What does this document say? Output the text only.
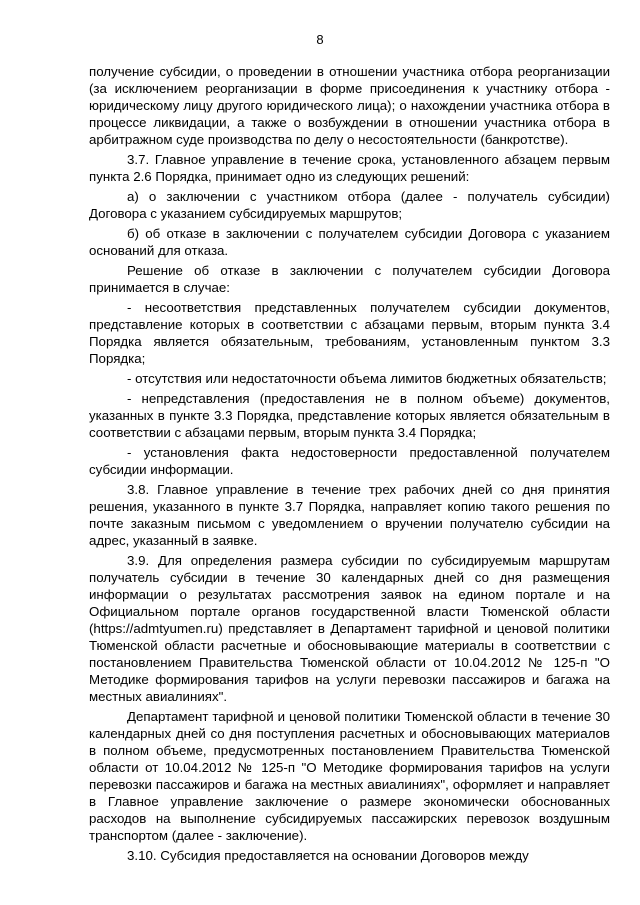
8

получение субсидии, о проведении в отношении участника отбора реорганизации (за исключением реорганизации в форме присоединения к участнику отбора - юридическому лицу другого юридического лица); о нахождении участника отбора в процессе ликвидации, а также о возбуждении в отношении участника отбора в арбитражном суде производства по делу о несостоятельности (банкротстве).

3.7. Главное управление в течение срока, установленного абзацем первым пункта 2.6 Порядка, принимает одно из следующих решений:

а) о заключении с участником отбора (далее - получатель субсидии) Договора с указанием субсидируемых маршрутов;

б) об отказе в заключении с получателем субсидии Договора с указанием оснований для отказа.

Решение об отказе в заключении с получателем субсидии Договора принимается в случае:

- несоответствия представленных получателем субсидии документов, представление которых в соответствии с абзацами первым, вторым пункта 3.4 Порядка является обязательным, требованиям, установленным пунктом 3.3 Порядка;

- отсутствия или недостаточности объема лимитов бюджетных обязательств;

- непредставления (предоставления не в полном объеме) документов, указанных в пункте 3.3 Порядка, представление которых является обязательным в соответствии с абзацами первым, вторым пункта 3.4 Порядка;

- установления факта недостоверности предоставленной получателем субсидии информации.

3.8. Главное управление в течение трех рабочих дней со дня принятия решения, указанного в пункте 3.7 Порядка, направляет копию такого решения по почте заказным письмом с уведомлением о вручении получателю субсидии на адрес, указанный в заявке.

3.9. Для определения размера субсидии по субсидируемым маршрутам получатель субсидии в течение 30 календарных дней со дня размещения информации о результатах рассмотрения заявок на едином портале и на Официальном портале органов государственной власти Тюменской области (https://admtyumen.ru) представляет в Департамент тарифной и ценовой политики Тюменской области расчетные и обосновывающие материалы в соответствии с постановлением Правительства Тюменской области от 10.04.2012 № 125-п "О Методике формирования тарифов на услуги перевозки пассажиров и багажа на местных авиалиниях".

Департамент тарифной и ценовой политики Тюменской области в течение 30 календарных дней со дня поступления расчетных и обосновывающих материалов в полном объеме, предусмотренных постановлением Правительства Тюменской области от 10.04.2012 № 125-п "О Методике формирования тарифов на услуги перевозки пассажиров и багажа на местных авиалиниях", оформляет и направляет в Главное управление заключение о размере экономически обоснованных расходов на выполнение субсидируемых пассажирских перевозок воздушным транспортом (далее - заключение).

3.10. Субсидия предоставляется на основании Договоров между
